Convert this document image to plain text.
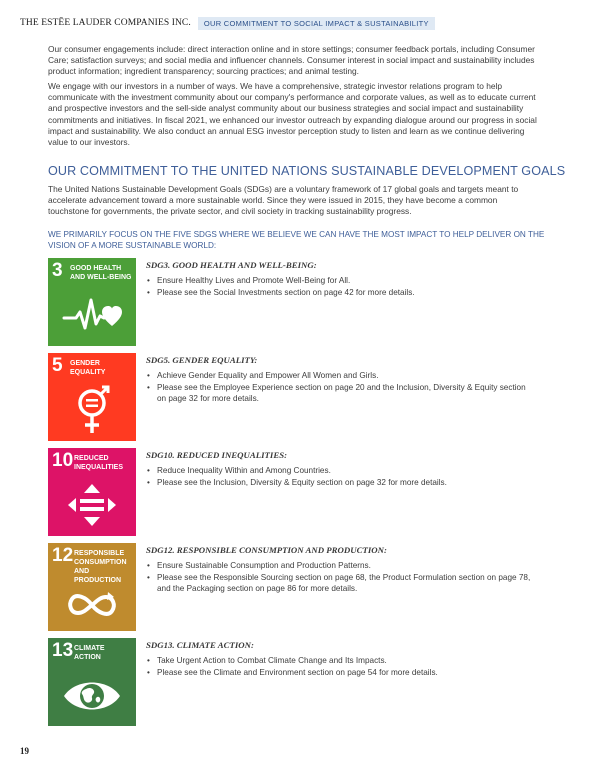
THE ESTĒE LAUDER COMPANIES INC.	OUR COMMITMENT TO SOCIAL IMPACT & SUSTAINABILITY

Our consumer engagements include: direct interaction online and in store settings; consumer feedback portals, including Consumer Care; satisfaction surveys; and social media and influencer channels. Consumer interest in social impact and sustainability includes product information; ingredient transparency; sourcing practices; and animal testing.

We engage with our investors in a number of ways. We have a comprehensive, strategic investor relations program to help communicate with the investment community about our company's performance and corporate values, as well as to educate current and prospective investors and the sell-side analyst community about our business strategies and social impact and sustainability commitments and initiatives. In fiscal 2021, we enhanced our investor outreach by expanding dialogue around our progress in social impact and sustainability. We also conduct an annual ESG investor perception study to listen and learn as we continue delivering value to our investors.

OUR COMMITMENT TO THE UNITED NATIONS SUSTAINABLE DEVELOPMENT GOALS

The United Nations Sustainable Development Goals (SDGs) are a voluntary framework of 17 global goals and targets meant to accelerate advancement toward a more sustainable world. Since they were issued in 2015, they have become a common touchstone for governments, the private sector, and civil society in tracking sustainability progress.

WE PRIMARILY FOCUS ON THE FIVE SDGS WHERE WE BELIEVE WE CAN HAVE THE MOST IMPACT TO HELP DELIVER ON THE VISION OF A MORE SUSTAINABLE WORLD:

3 GOOD HEALTH
AND WELL-BEING
SDG3. GOOD HEALTH AND WELL-BEING:
• Ensure Healthy Lives and Promote Well-Being for All.
• Please see the Social Investments section on page 42 for more details.
5 GENDER
EQUALITY
SDG5. GENDER EQUALITY:
• Achieve Gender Equality and Empower All Women and Girls.
• Please see the Employee Experience section on page 20 and the Inclusion, Diversity & Equity section on page 32 for more details.
10 REDUCED
INEQUALITIES
SDG10. REDUCED INEQUALITIES:
• Reduce Inequality Within and Among Countries.
• Please see the Inclusion, Diversity & Equity section on page 32 for more details.
12 RESPONSIBLE
CONSUMPTION
AND PRODUCTION
SDG12. RESPONSIBLE CONSUMPTION AND PRODUCTION:
• Ensure Sustainable Consumption and Production Patterns.
• Please see the Responsible Sourcing section on page 68, the Product Formulation section on page 78, and the Packaging section on page 86 for more details.
13 CLIMATE
ACTION
SDG13. CLIMATE ACTION:
• Take Urgent Action to Combat Climate Change and Its Impacts.
• Please see the Climate and Environment section on page 54 for more details.
19
